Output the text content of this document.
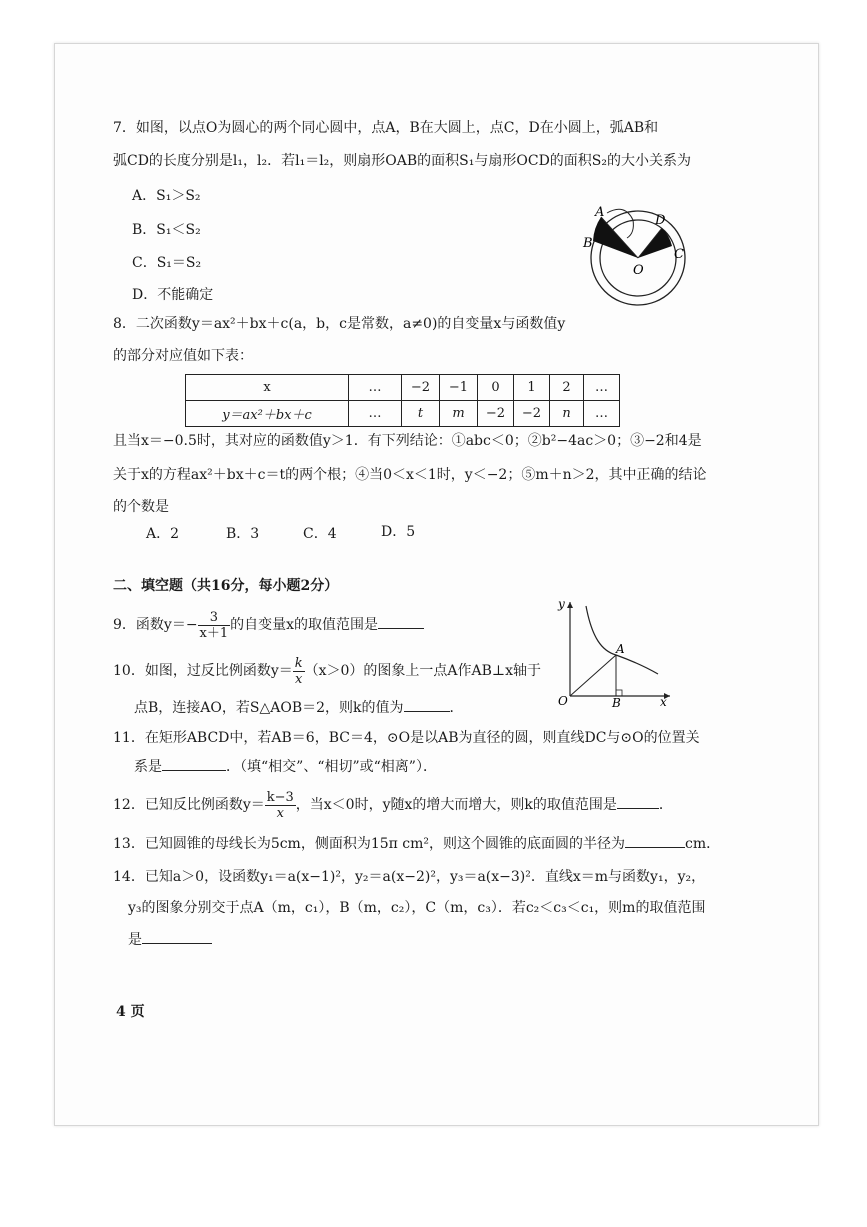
7．如图，以点O为圆心的两个同心圆中，点A，B在大圆上，点C，D在小圆上，弧AB和
弧CD的长度分别是l₁，l₂．若l₁＝l₂，则扇形OAB的面积S₁与扇形OCD的面积S₂的大小关系为
A．S₁＞S₂
B．S₁＜S₂
C．S₁＝S₂
D．不能确定
A
B
D
C
O
8．二次函数y＝ax²＋bx＋c(a，b，c是常数，a≠0)的自变量x与函数值y
的部分对应值如下表：
x	…	−2	−1	0	1	2	…
y＝ax²＋bx＋c	…	t	m	−2	−2	n	…
且当x＝−0.5时，其对应的函数值y＞1．有下列结论：①abc＜0；②b²−4ac＞0；③−2和4是
关于x的方程ax²＋bx＋c＝t的两个根；④当0＜x＜1时，y＜−2；⑤m＋n＞2，其中正确的结论
的个数是
A．2	B．3	C．4	D．5
二、填空题（共16分，每小题2分）
9．函数$y=- \frac{3}{x+1}$ 的自变量x的取值范围是
10．如图，过反比例函数$y= \frac{k}{x} (x>0)$的图象上一点A作AB⊥x轴于
点B，连接AO，若S△AOB＝2，则k的值为	．
y
x
O
A
B
11．在矩形ABCD中，若AB＝6，BC＝4，⊙O是以AB为直径的圆，则直线DC与⊙O的位置关
系是	．（填“相交”、“相切”或“相离”）．
12．已知反比例函数$y= \frac{k-3}{x}$ ，当x＜0时，y随x的增大而增大，则k的取值范围是	．
13．已知圆锥的母线长为5cm，侧面积为15π cm²，则这个圆锥的底面圆的半径为	cm．
14．已知a＞0，设函数y₁＝a(x−1)²，y₂＝a(x−2)²，y₃＝a(x−3)²．直线x＝m与函数y₁，y₂，
y₃的图象分别交于点A（m，c₁），B（m，c₂），C（m，c₃）．若c₂＜c₃＜c₁，则m的取值范围
是
4 页
